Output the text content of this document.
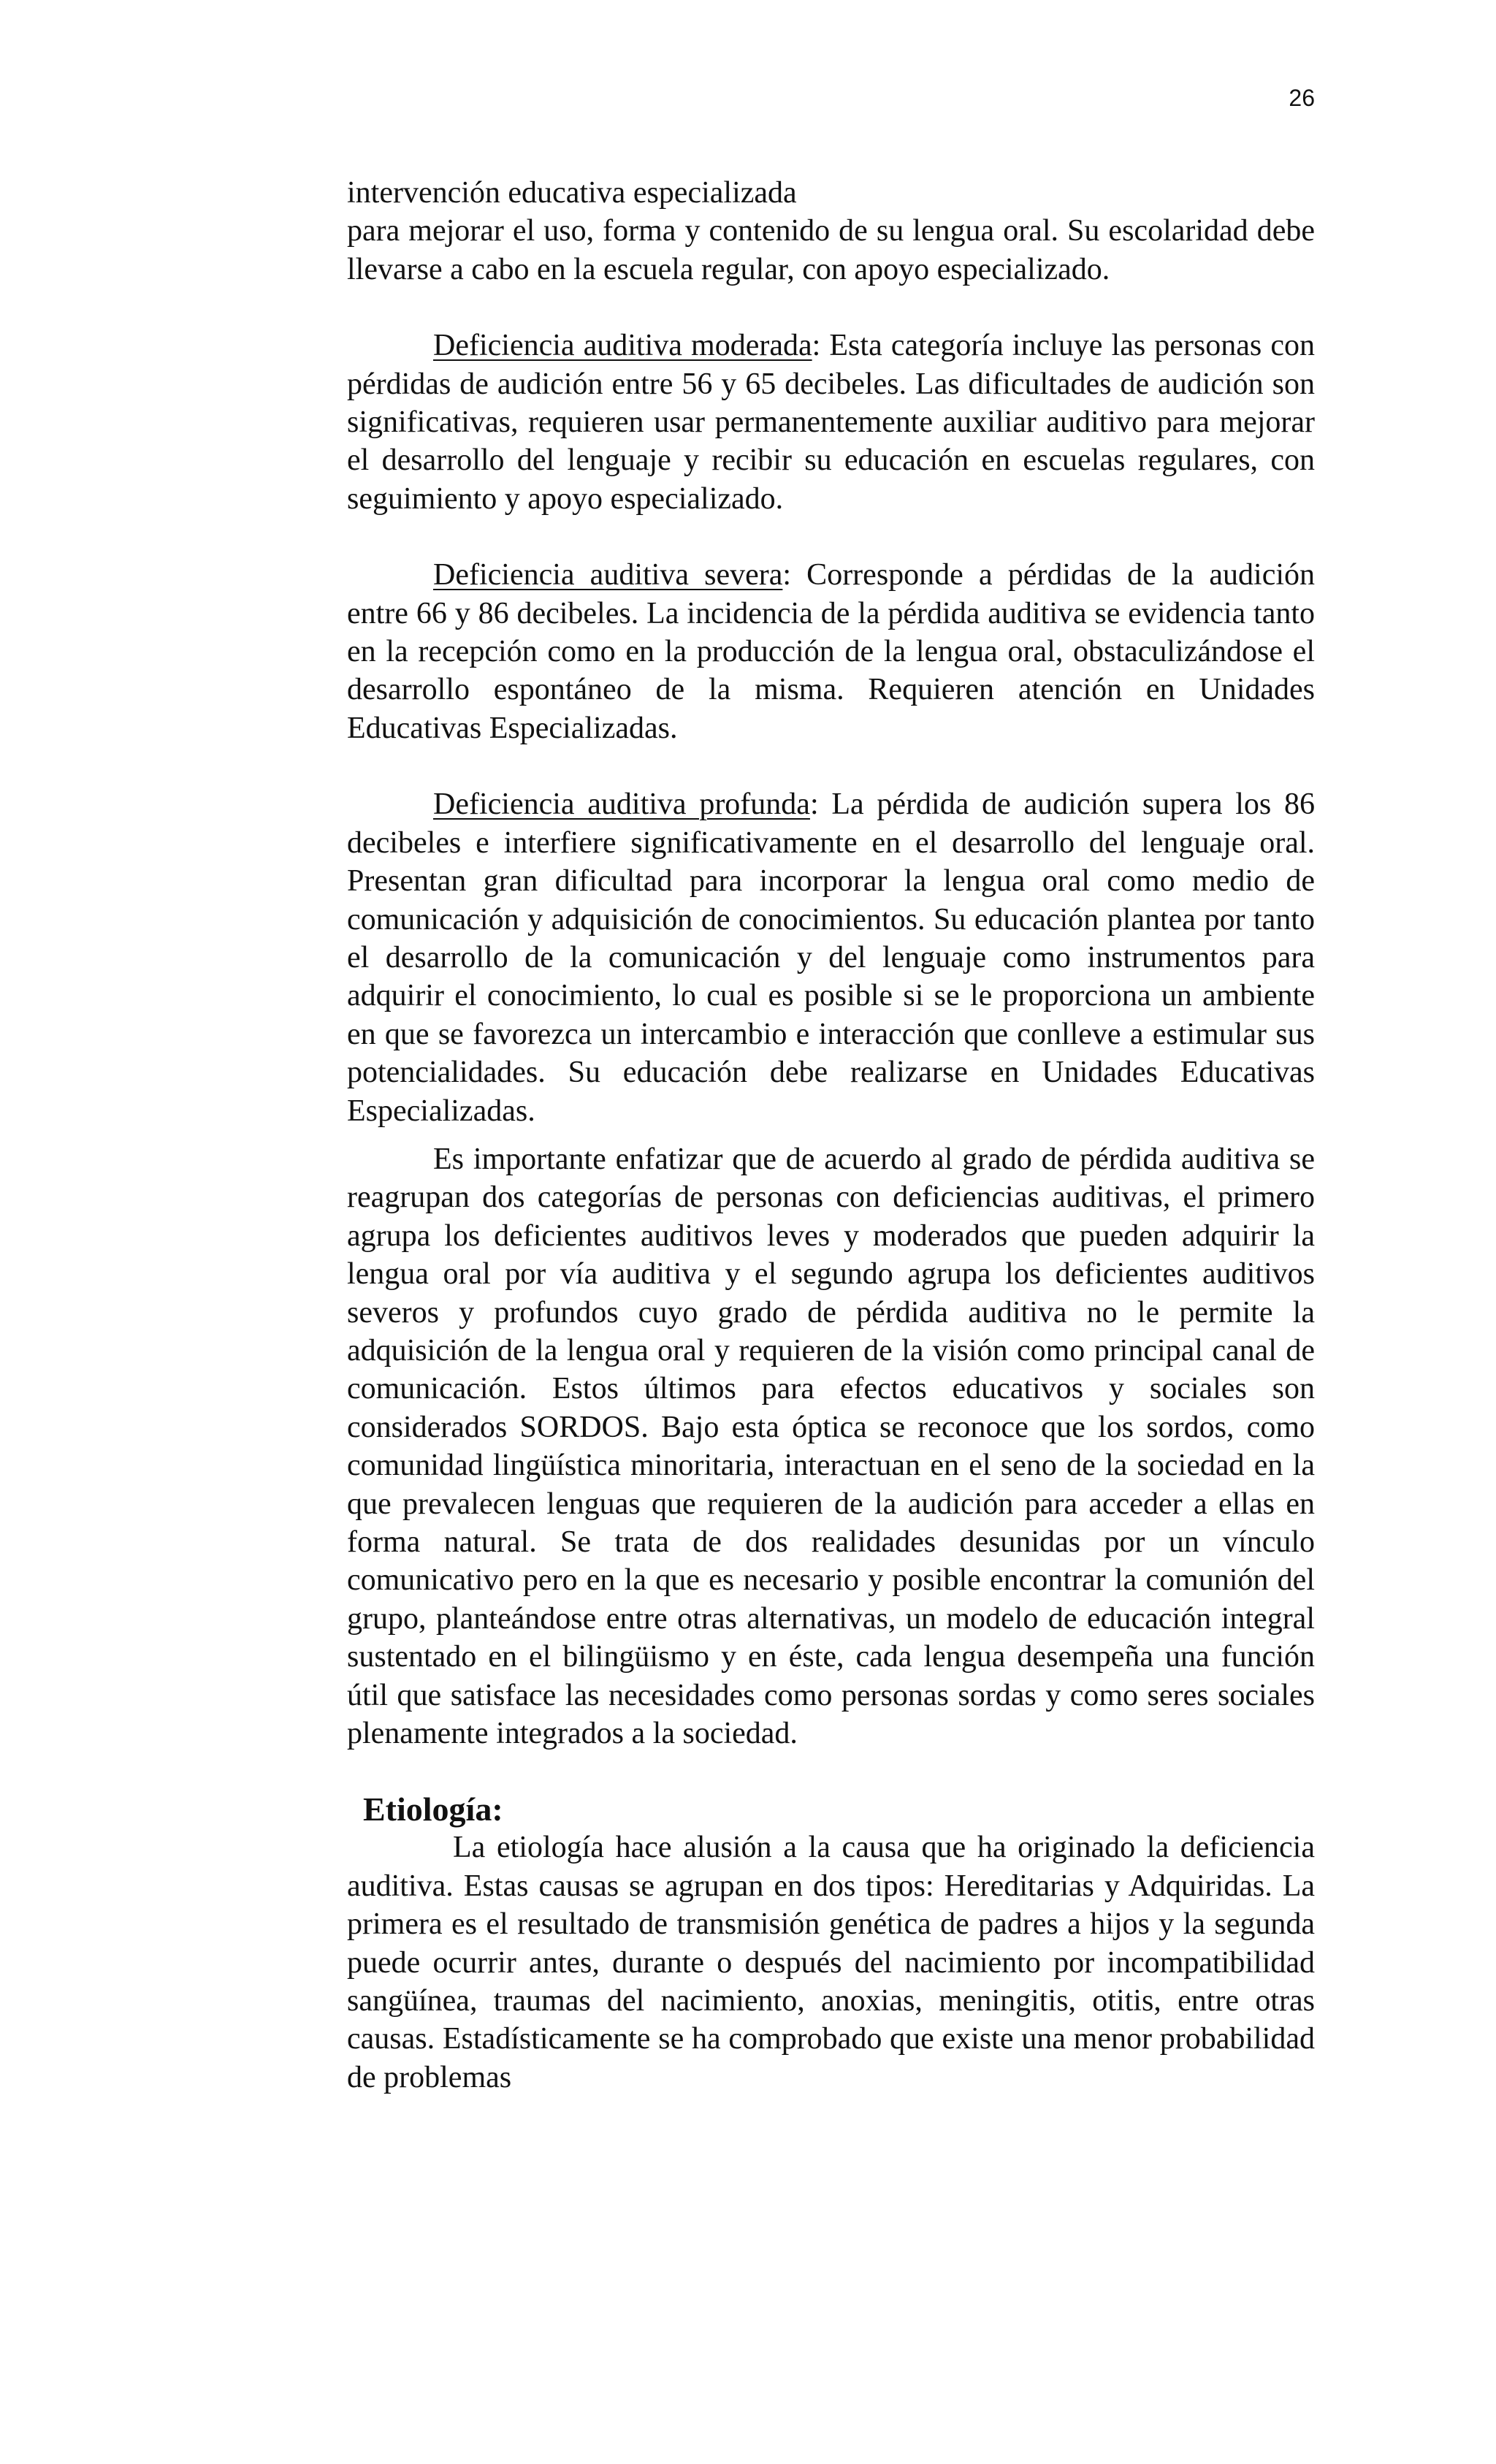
26

intervención educativa especializada
para mejorar el uso, forma y contenido de su lengua oral. Su escolaridad debe llevarse a cabo en la escuela regular, con apoyo especializado.

Deficiencia auditiva moderada: Esta categoría incluye las personas con pérdidas de audición entre 56 y 65 decibeles. Las dificultades de audición son significativas, requieren usar permanentemente auxiliar auditivo para mejorar el desarrollo del lenguaje y recibir su educación en escuelas regulares, con seguimiento y apoyo especializado.

Deficiencia auditiva severa: Corresponde a pérdidas de la audición entre 66 y 86 decibeles. La incidencia de la pérdida auditiva se evidencia tanto en la recepción como en la producción de la lengua oral, obstaculizándose el desarrollo espontáneo de la misma. Requieren atención en Unidades Educativas Especializadas.

Deficiencia auditiva profunda: La pérdida de audición supera los 86 decibeles e interfiere significativamente en el desarrollo del lenguaje oral. Presentan gran dificultad para incorporar la lengua oral como medio de comunicación y adquisición de conocimientos. Su educación plantea por tanto el desarrollo de la comunicación y del lenguaje como instrumentos para adquirir el conocimiento, lo cual es posible si se le proporciona un ambiente en que se favorezca un intercambio e interacción que conlleve a estimular sus potencialidades. Su educación debe realizarse en Unidades Educativas Especializadas.

Es importante enfatizar que de acuerdo al grado de pérdida auditiva se reagrupan dos categorías de personas con deficiencias auditivas, el primero agrupa los deficientes auditivos leves y moderados que pueden adquirir la lengua oral por vía auditiva y el segundo agrupa los deficientes auditivos severos y profundos cuyo grado de pérdida auditiva no le permite la adquisición de la lengua oral y requieren de la visión como principal canal de comunicación. Estos últimos para efectos educativos y sociales son considerados SORDOS. Bajo esta óptica se reconoce que los sordos, como comunidad lingüística minoritaria, interactuan en el seno de la sociedad en la que prevalecen lenguas que requieren de la audición para acceder a ellas en forma natural. Se trata de dos realidades desunidas por un vínculo comunicativo pero en la que es necesario y posible encontrar la comunión del grupo, planteándose entre otras alternativas, un modelo de educación integral sustentado en el bilingüismo y en éste, cada lengua desempeña una función útil que satisface las necesidades como personas sordas y como seres sociales plenamente integrados a la sociedad.

Etiología:

La etiología hace alusión a la causa que ha originado la deficiencia auditiva. Estas causas se agrupan en dos tipos: Hereditarias y Adquiridas. La primera es el resultado de transmisión genética de padres a hijos y la segunda puede ocurrir antes, durante o después del nacimiento por incompatibilidad sangüínea, traumas del nacimiento, anoxias, meningitis, otitis, entre otras causas. Estadísticamente se ha comprobado que existe una menor probabilidad de problemas
